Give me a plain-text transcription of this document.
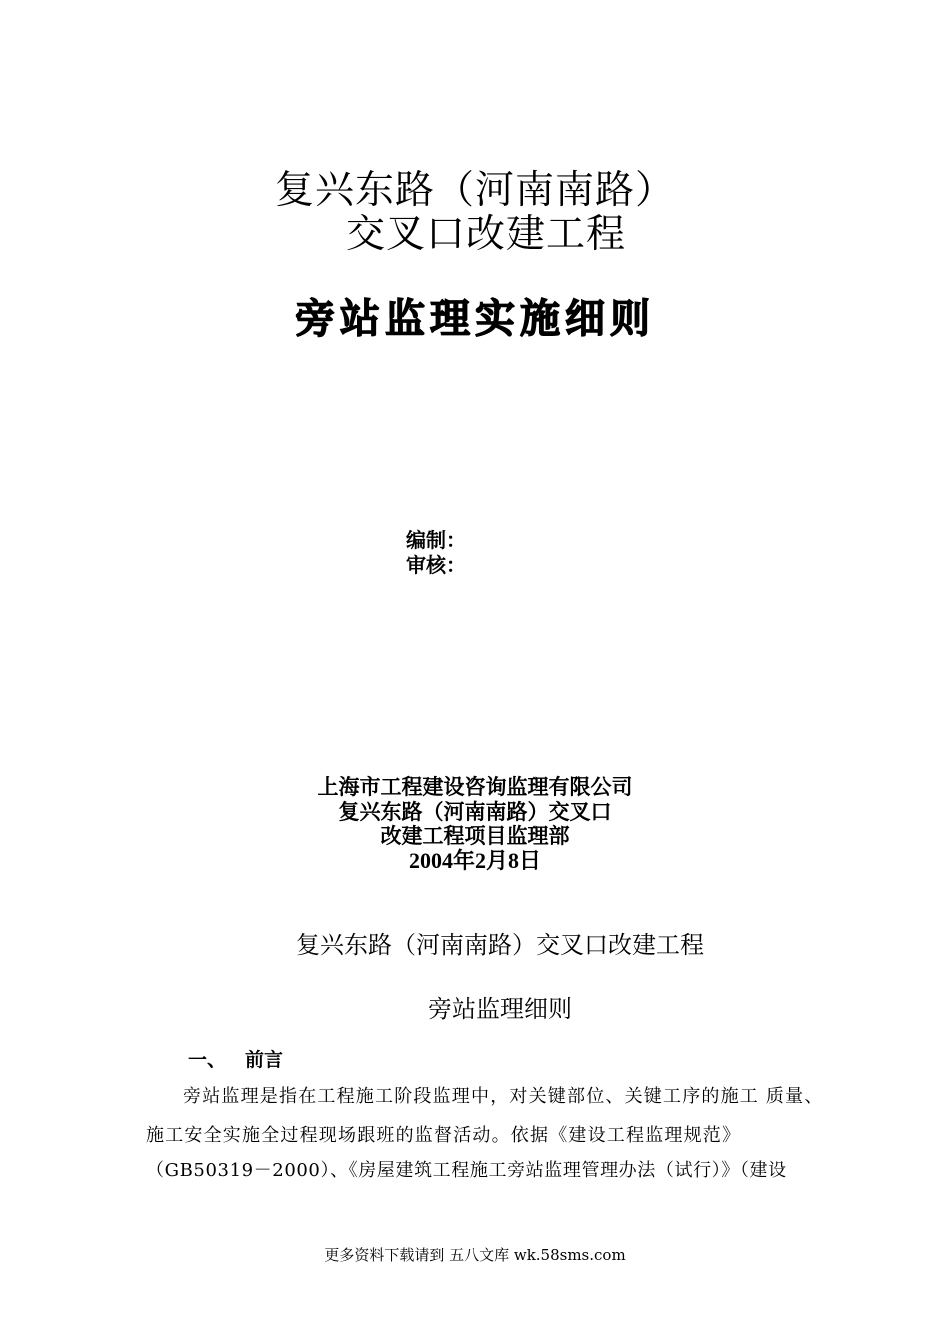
复兴东路（河南南路）
交叉口改建工程
旁站监理实施细则
编制：
审核：
上海市工程建设咨询监理有限公司
复兴东路（河南南路）交叉口
改建工程项目监理部
2004年2月8日
复兴东路（河南南路）交叉口改建工程
旁站监理细则
一、 前言
旁站监理是指在工程施工阶段监理中，对关键部位、关键工序的施工 质量、
施工安全实施全过程现场跟班的监督活动。依据《建设工程监理规范》
（GB50319－2000）、《房屋建筑工程施工旁站监理管理办法（试行）》（建设
更多资料下载请到 五八文库 wk.58sms.com
